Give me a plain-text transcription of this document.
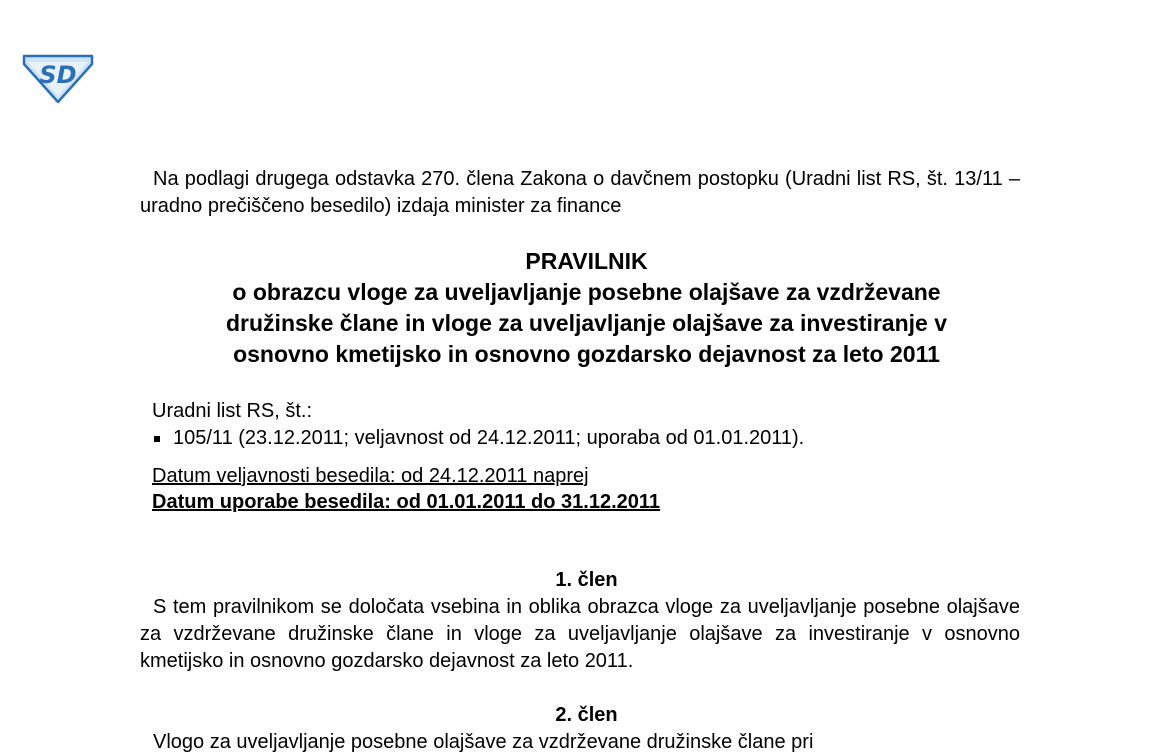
SD

Na podlagi drugega odstavka 270. člena Zakona o davčnem postopku (Uradni list RS, št. 13/11 – uradno prečiščeno besedilo) izdaja minister za finance

PRAVILNIK
o obrazcu vloge za uveljavljanje posebne olajšave za vzdrževane
družinske člane in vloge za uveljavljanje olajšave za investiranje v
osnovno kmetijsko in osnovno gozdarsko dejavnost za leto 2011
Uradni list RS, št.:
105/11 (23.12.2011; veljavnost od 24.12.2011; uporaba od 01.01.2011).
Datum veljavnosti besedila: od 24.12.2011 naprej
Datum uporabe besedila: od 01.01.2011 do 31.12.2011
1. člen

S tem pravilnikom se določata vsebina in oblika obrazca vloge za uveljavljanje posebne olajšave za vzdrževane družinske člane in vloge za uveljavljanje olajšave za investiranje v osnovno kmetijsko in osnovno gozdarsko dejavnost za leto 2011.

2. člen

Vlogo za uveljavljanje posebne olajšave za vzdrževane družinske člane pri
